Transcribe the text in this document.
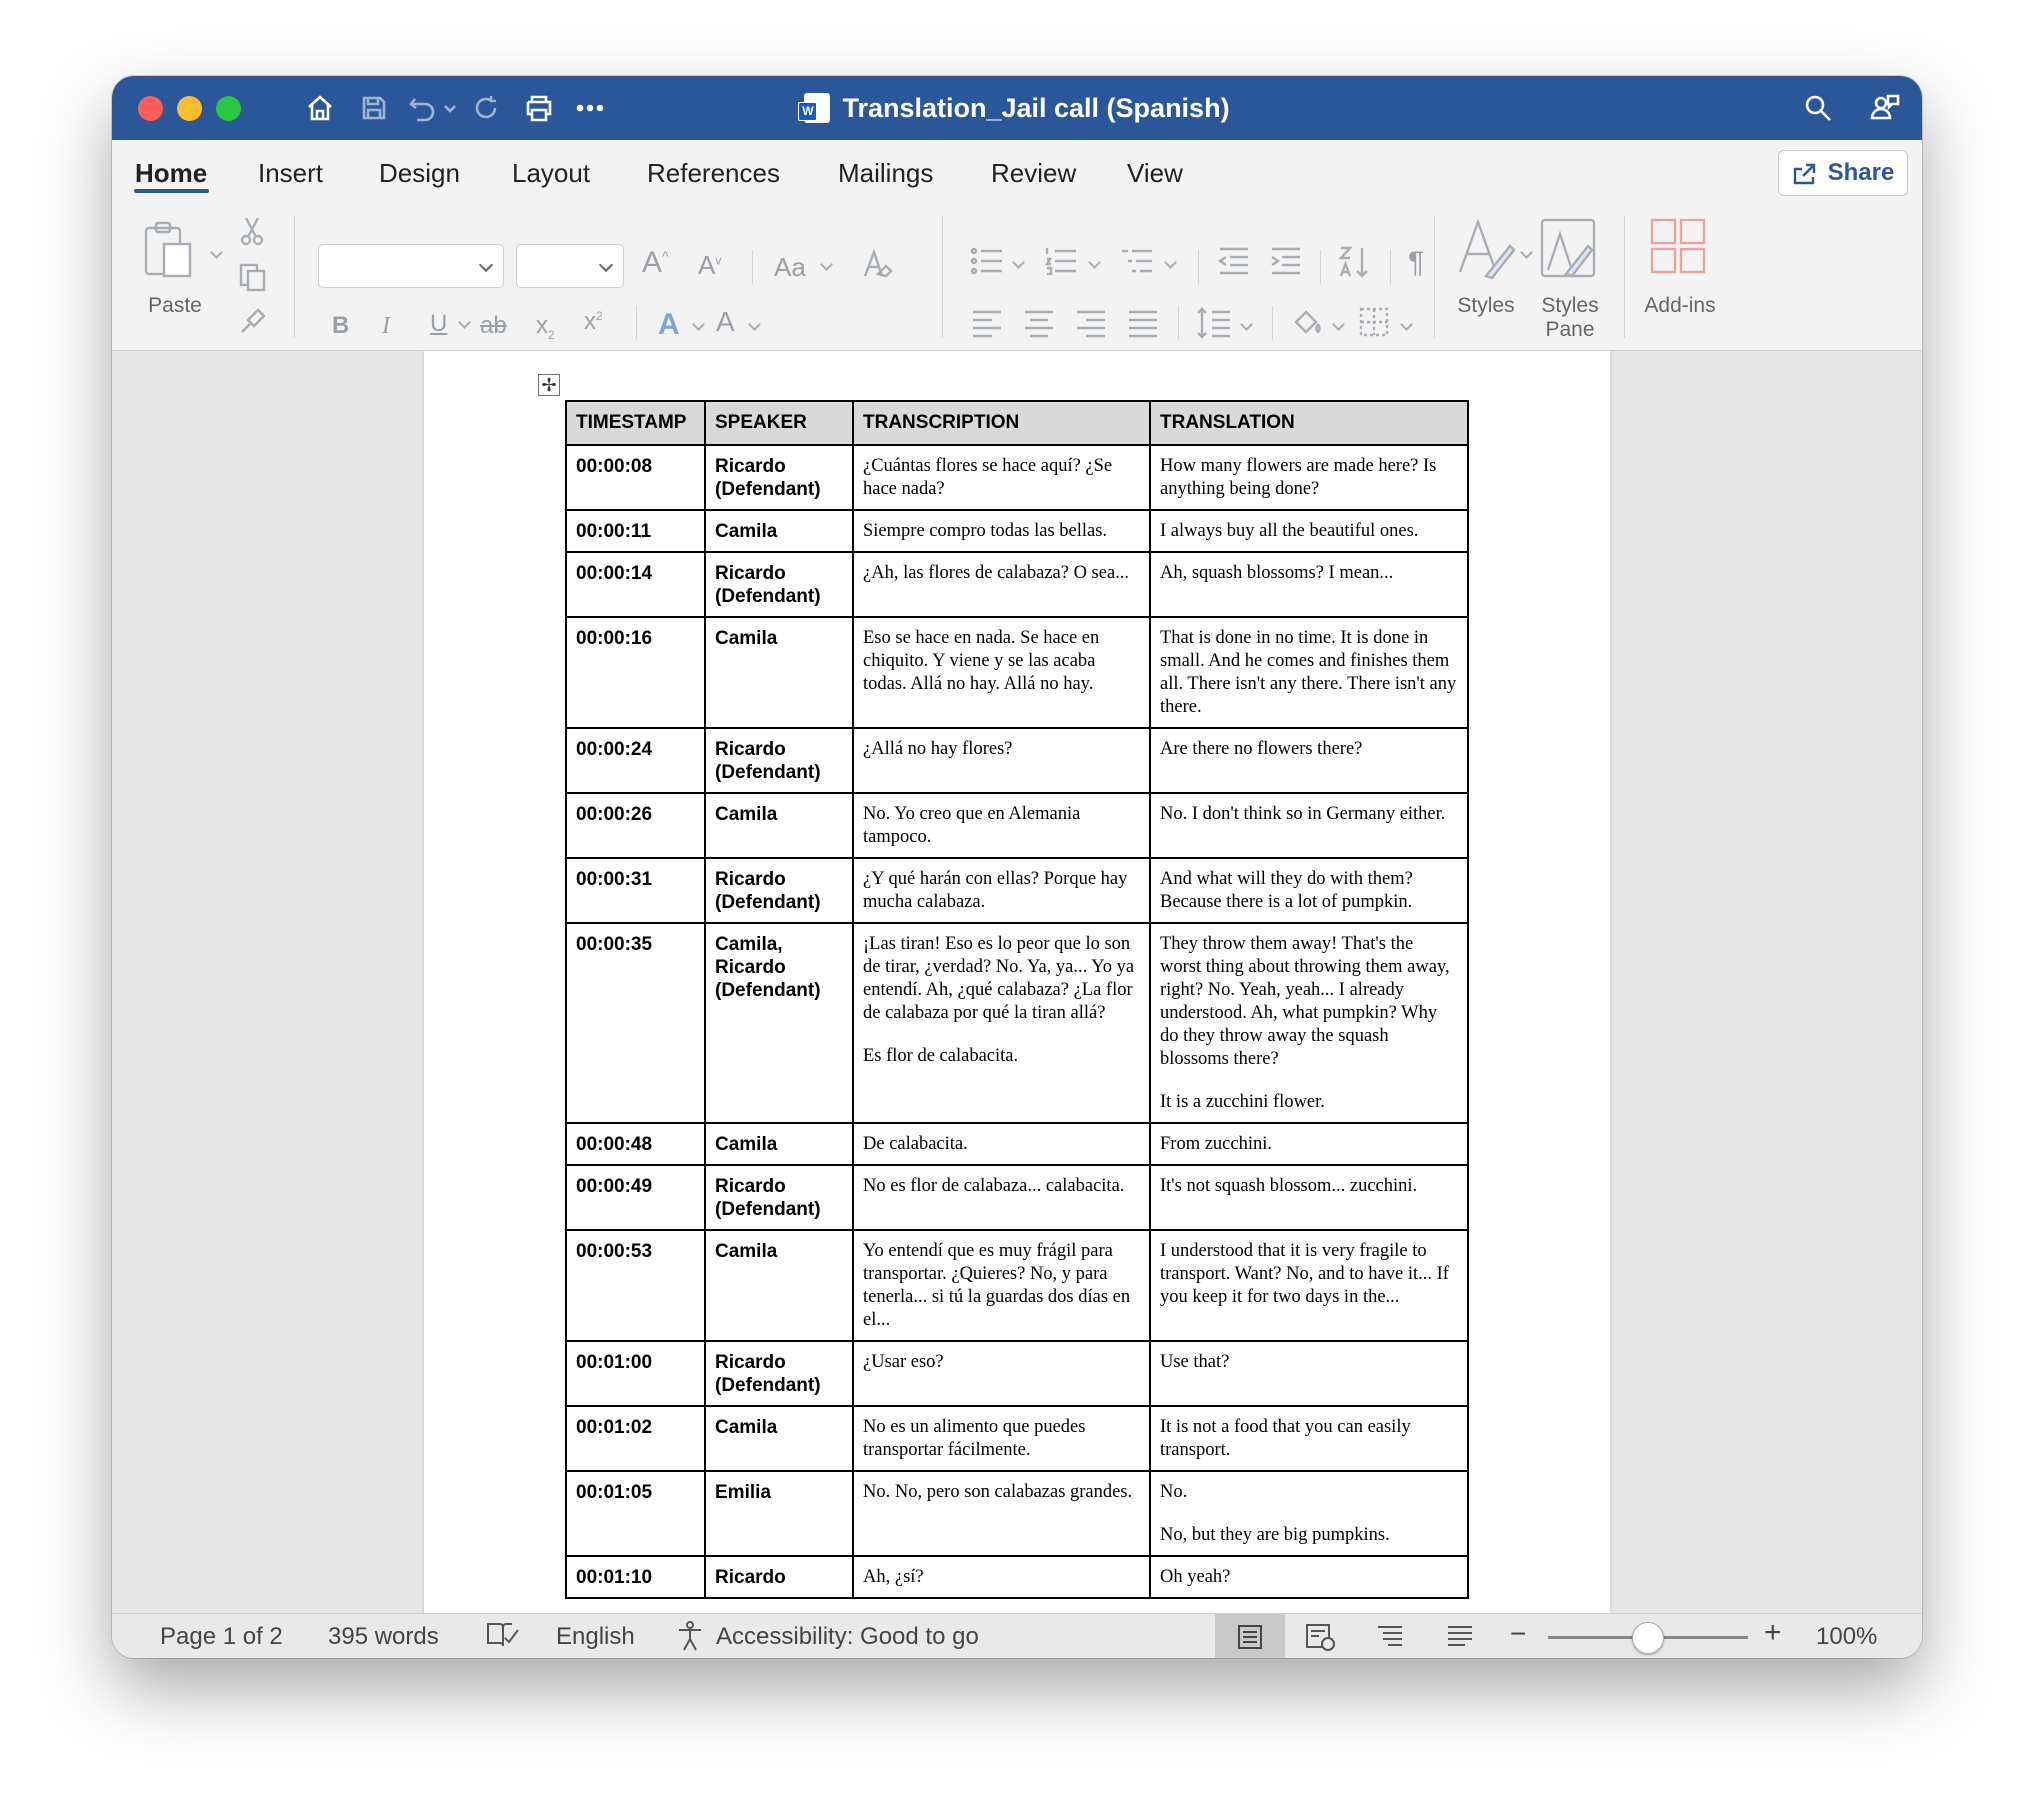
W
Translation_Jail call (Spanish)
Home Insert Design Layout References Mailings Review View	Share
Paste
A^ $A^v$ Aa
B I U ab $x_2$ $x^2$ A A
¶
Styles	Styles
Pane
Add-ins
✢
TIMESTAMP	SPEAKER	TRANSCRIPTION	TRANSLATION
00:00:08	Ricardo (Defendant)	¿Cuántas flores se hace aquí? ¿Se hace nada?	How many flowers are made here? Is anything being done?

00:00:11	Camila	Siempre compro todas las bellas.	I always buy all the beautiful ones.

00:00:14	Ricardo (Defendant)	¿Ah, las flores de calabaza? O sea...	Ah, squash blossoms? I mean...

00:00:16	Camila	Eso se hace en nada. Se hace en chiquito. Y viene y se las acaba todas. Allá no hay. Allá no hay.	That is done in no time. It is done in small. And he comes and finishes them all. There isn't any there. There isn't any there.

00:00:24	Ricardo (Defendant)	¿Allá no hay flores?	Are there no flowers there?

00:00:26	Camila	No. Yo creo que en Alemania tampoco.	No. I don't think so in Germany either.

00:00:31	Ricardo (Defendant)	¿Y qué harán con ellas? Porque hay mucha calabaza.	And what will they do with them? Because there is a lot of pumpkin.

00:00:35	Camila, Ricardo (Defendant)	¡Las tiran! Eso es lo peor que lo son de tirar, ¿verdad? No. Ya, ya... Yo ya entendí. Ah, ¿qué calabaza? ¿La flor de calabaza por qué la tiran allá?
Es flor de calabacita.	They throw them away! That's the worst thing about throwing them away, right? No. Yeah, yeah... I already understood. Ah, what pumpkin? Why do they throw away the squash blossoms there?
It is a zucchini flower.

00:00:48	Camila	De calabacita.	From zucchini.

00:00:49	Ricardo (Defendant)	No es flor de calabaza... calabacita.	It's not squash blossom... zucchini.

00:00:53	Camila	Yo entendí que es muy frágil para transportar. ¿Quieres? No, y para tenerla... si tú la guardas dos días en el...	I understood that it is very fragile to transport. Want? No, and to have it... If you keep it for two days in the...

00:01:00	Ricardo (Defendant)	¿Usar eso?	Use that?

00:01:02	Camila	No es un alimento que puedes transportar fácilmente.	It is not a food that you can easily transport.

00:01:05	Emilia	No. No, pero son calabazas grandes.	No.
No, but they are big pumpkins.

00:01:10	Ricardo	Ah, ¿sí?	Oh yeah?
Page 1 of 2 395 words	English	Accessibility: Good to go	−	+ 100%
